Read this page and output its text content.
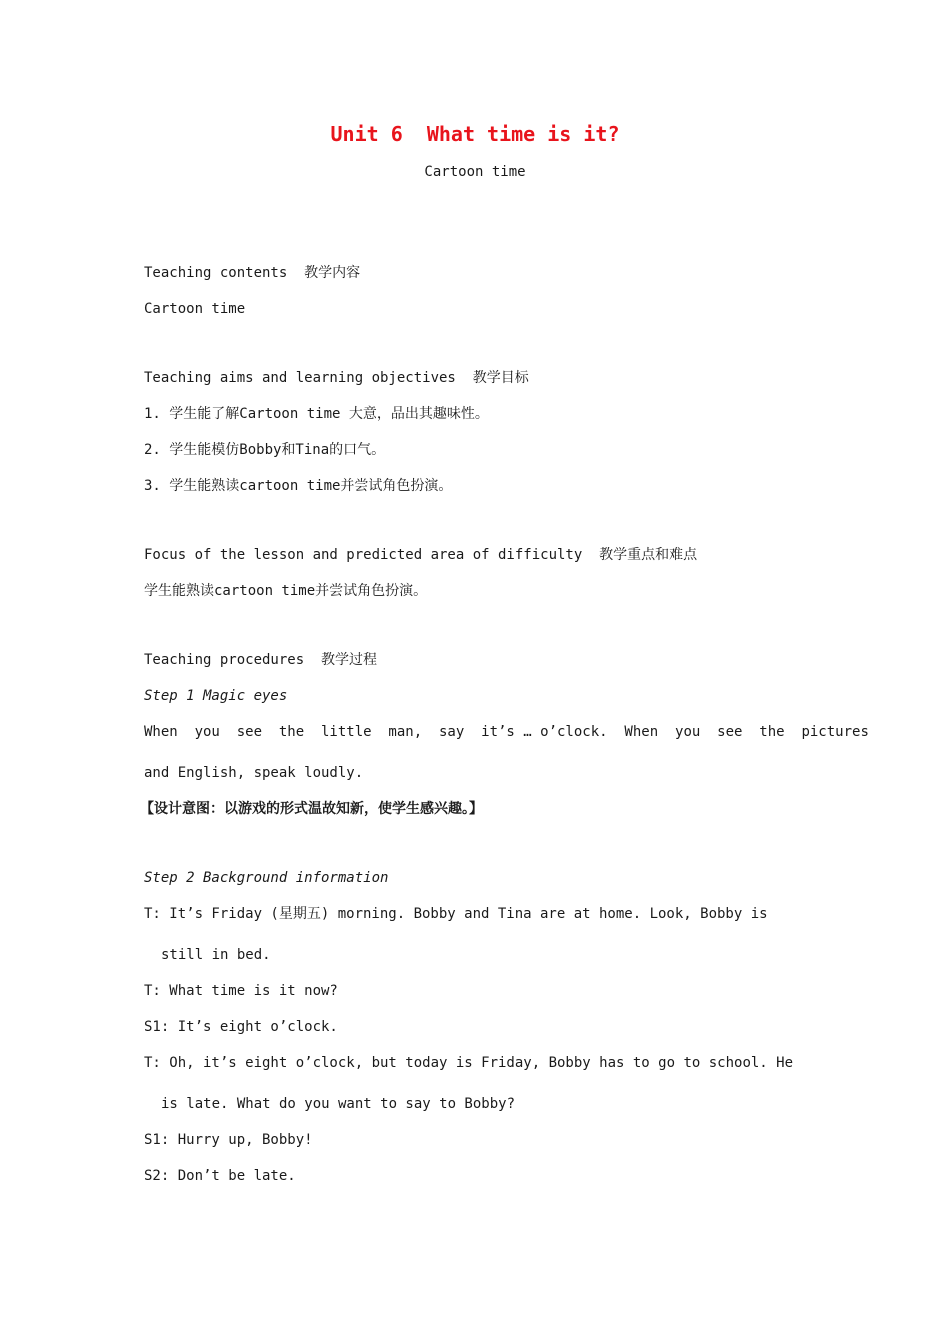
Unit 6  What time is it?
Cartoon time
Teaching contents  教学内容
Cartoon time
Teaching aims and learning objectives  教学目标
1. 学生能了解Cartoon time 大意，品出其趣味性。
2. 学生能模仿Bobby和Tina的口气。
3. 学生能熟读cartoon time并尝试角色扮演。
Focus of the lesson and predicted area of difficulty  教学重点和难点
学生能熟读cartoon time并尝试角色扮演。
Teaching procedures  教学过程
Step 1 Magic eyes
When  you  see  the  little  man,  say  it’s … o’clock.  When  you  see  the  pictures
and English, speak loudly.
【设计意图：以游戏的形式温故知新，使学生感兴趣。】
Step 2 Background information
T: It’s Friday (星期五) morning. Bobby and Tina are at home. Look, Bobby is
still in bed.
T: What time is it now?
S1: It’s eight o’clock.
T: Oh, it’s eight o’clock, but today is Friday, Bobby has to go to school. He
is late. What do you want to say to Bobby?
S1: Hurry up, Bobby!
S2: Don’t be late.
